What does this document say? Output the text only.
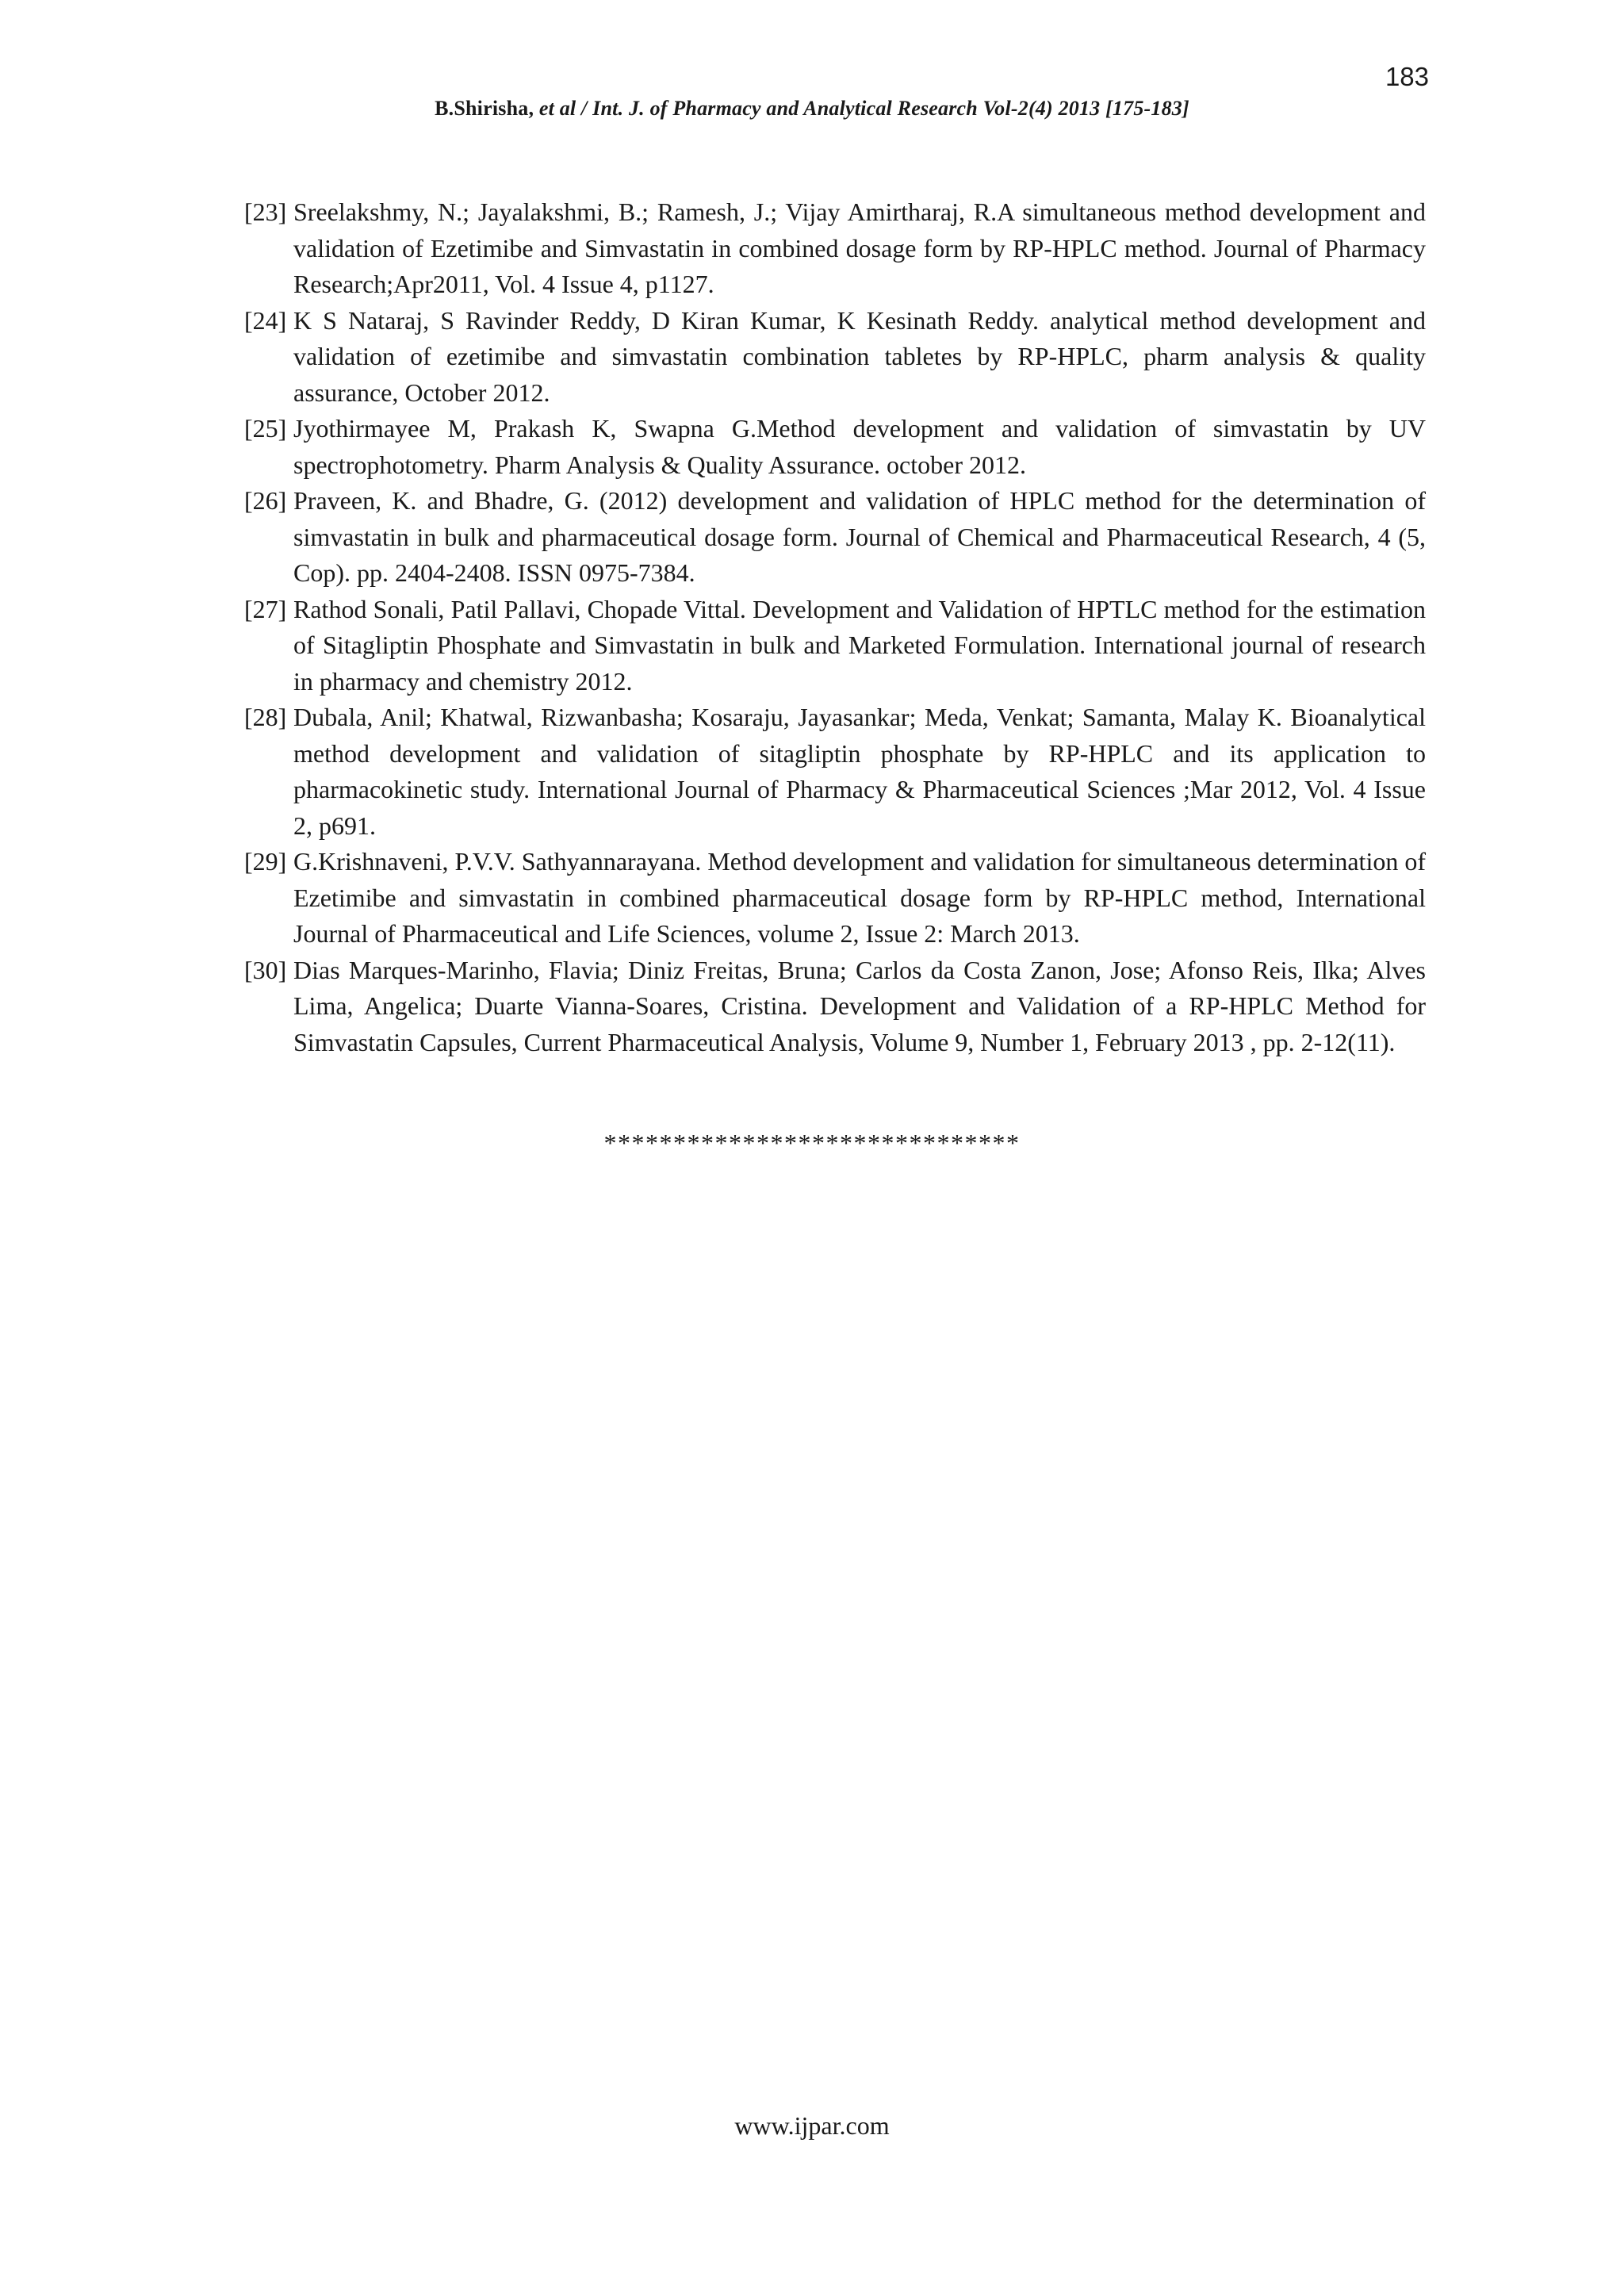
183
B.Shirisha, et al / Int. J. of Pharmacy and Analytical Research Vol-2(4) 2013 [175-183]
[23] Sreelakshmy, N.; Jayalakshmi, B.; Ramesh, J.; Vijay Amirtharaj, R.A simultaneous method development and validation of Ezetimibe and Simvastatin in combined dosage form by RP-HPLC method. Journal of Pharmacy Research;Apr2011, Vol. 4 Issue 4, p1127.
[24] K S Nataraj, S Ravinder Reddy, D Kiran Kumar, K Kesinath Reddy. analytical method development and validation of ezetimibe and simvastatin combination tabletes by RP-HPLC, pharm analysis & quality assurance, October 2012.
[25] Jyothirmayee M, Prakash K, Swapna G.Method development and validation of simvastatin by UV spectrophotometry. Pharm Analysis & Quality Assurance. october 2012.
[26] Praveen, K. and Bhadre, G. (2012) development and validation of HPLC method for the determination of simvastatin in bulk and pharmaceutical dosage form. Journal of Chemical and Pharmaceutical Research, 4 (5, Cop). pp. 2404-2408. ISSN 0975-7384.
[27] Rathod Sonali, Patil Pallavi, Chopade Vittal. Development and Validation of HPTLC method for the estimation of Sitagliptin Phosphate and Simvastatin in bulk and Marketed Formulation. International journal of research in pharmacy and chemistry 2012.
[28] Dubala, Anil; Khatwal, Rizwanbasha; Kosaraju, Jayasankar; Meda, Venkat; Samanta, Malay K. Bioanalytical method development and validation of sitagliptin phosphate by RP-HPLC and its application to pharmacokinetic study. International Journal of Pharmacy & Pharmaceutical Sciences ;Mar 2012, Vol. 4 Issue 2, p691.
[29] G.Krishnaveni, P.V.V. Sathyannarayana. Method development and validation for simultaneous determination of Ezetimibe and simvastatin in combined pharmaceutical dosage form by RP-HPLC method, International Journal of Pharmaceutical and Life Sciences, volume 2, Issue 2: March 2013.
[30] Dias Marques-Marinho, Flavia; Diniz Freitas, Bruna; Carlos da Costa Zanon, Jose; Afonso Reis, Ilka; Alves Lima, Angelica; Duarte Vianna-Soares, Cristina. Development and Validation of a RP-HPLC Method for Simvastatin Capsules, Current Pharmaceutical Analysis, Volume 9, Number 1, February 2013 , pp. 2-12(11).
******************************
www.ijpar.com
